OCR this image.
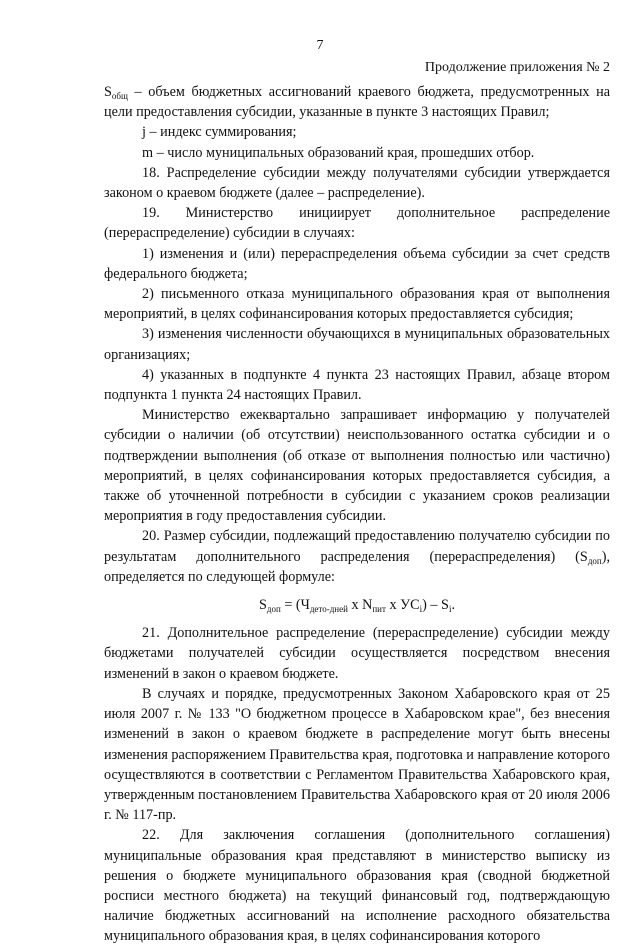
7
Продолжение приложения № 2

$S_{общ}$ – объем бюджетных ассигнований краевого бюджета, предусмотренных на цели предоставления субсидии, указанные в пункте 3 настоящих Правил;

j – индекс суммирования;

m – число муниципальных образований края, прошедших отбор.

18. Распределение субсидии между получателями субсидии утверждается законом о краевом бюджете (далее – распределение).

19. Министерство инициирует дополнительное распределение (перераспределение) субсидии в случаях:

1) изменения и (или) перераспределения объема субсидии за счет средств федерального бюджета;

2) письменного отказа муниципального образования края от выполнения мероприятий, в целях софинансирования которых предоставляется субсидия;

3) изменения численности обучающихся в муниципальных образовательных организациях;

4) указанных в подпункте 4 пункта 23 настоящих Правил, абзаце втором подпункта 1 пункта 24 настоящих Правил.

Министерство ежеквартально запрашивает информацию у получателей субсидии о наличии (об отсутствии) неиспользованного остатка субсидии и о подтверждении выполнения (об отказе от выполнения полностью или частично) мероприятий, в целях софинансирования которых предоставляется субсидия, а также об уточненной потребности в субсидии с указанием сроков реализации мероприятия в году предоставления субсидии.

20. Размер субсидии, подлежащий предоставлению получателю субсидии по результатам дополнительного распределения (перераспределения) $(S_{доп})$, определяется по следующей формуле:

$S_{доп} = (Ч_{дето-дней}$ x $N_{пит}$ x $УС_i) - S_i$.

21. Дополнительное распределение (перераспределение) субсидии между бюджетами получателей субсидии осуществляется посредством внесения изменений в закон о краевом бюджете.

В случаях и порядке, предусмотренных Законом Хабаровского края от 25 июля 2007 г. № 133 "О бюджетном процессе в Хабаровском крае", без внесения изменений в закон о краевом бюджете в распределение могут быть внесены изменения распоряжением Правительства края, подготовка и направление которого осуществляются в соответствии с Регламентом Правительства Хабаровского края, утвержденным постановлением Правительства Хабаровского края от 20 июля 2006 г. № 117-пр.

22. Для заключения соглашения (дополнительного соглашения) муниципальные образования края представляют в министерство выписку из решения о бюджете муниципального образования края (сводной бюджетной росписи местного бюджета) на текущий финансовый год, подтверждающую наличие бюджетных ассигнований на исполнение расходного обязательства муниципального образования края, в целях софинансирования которого
